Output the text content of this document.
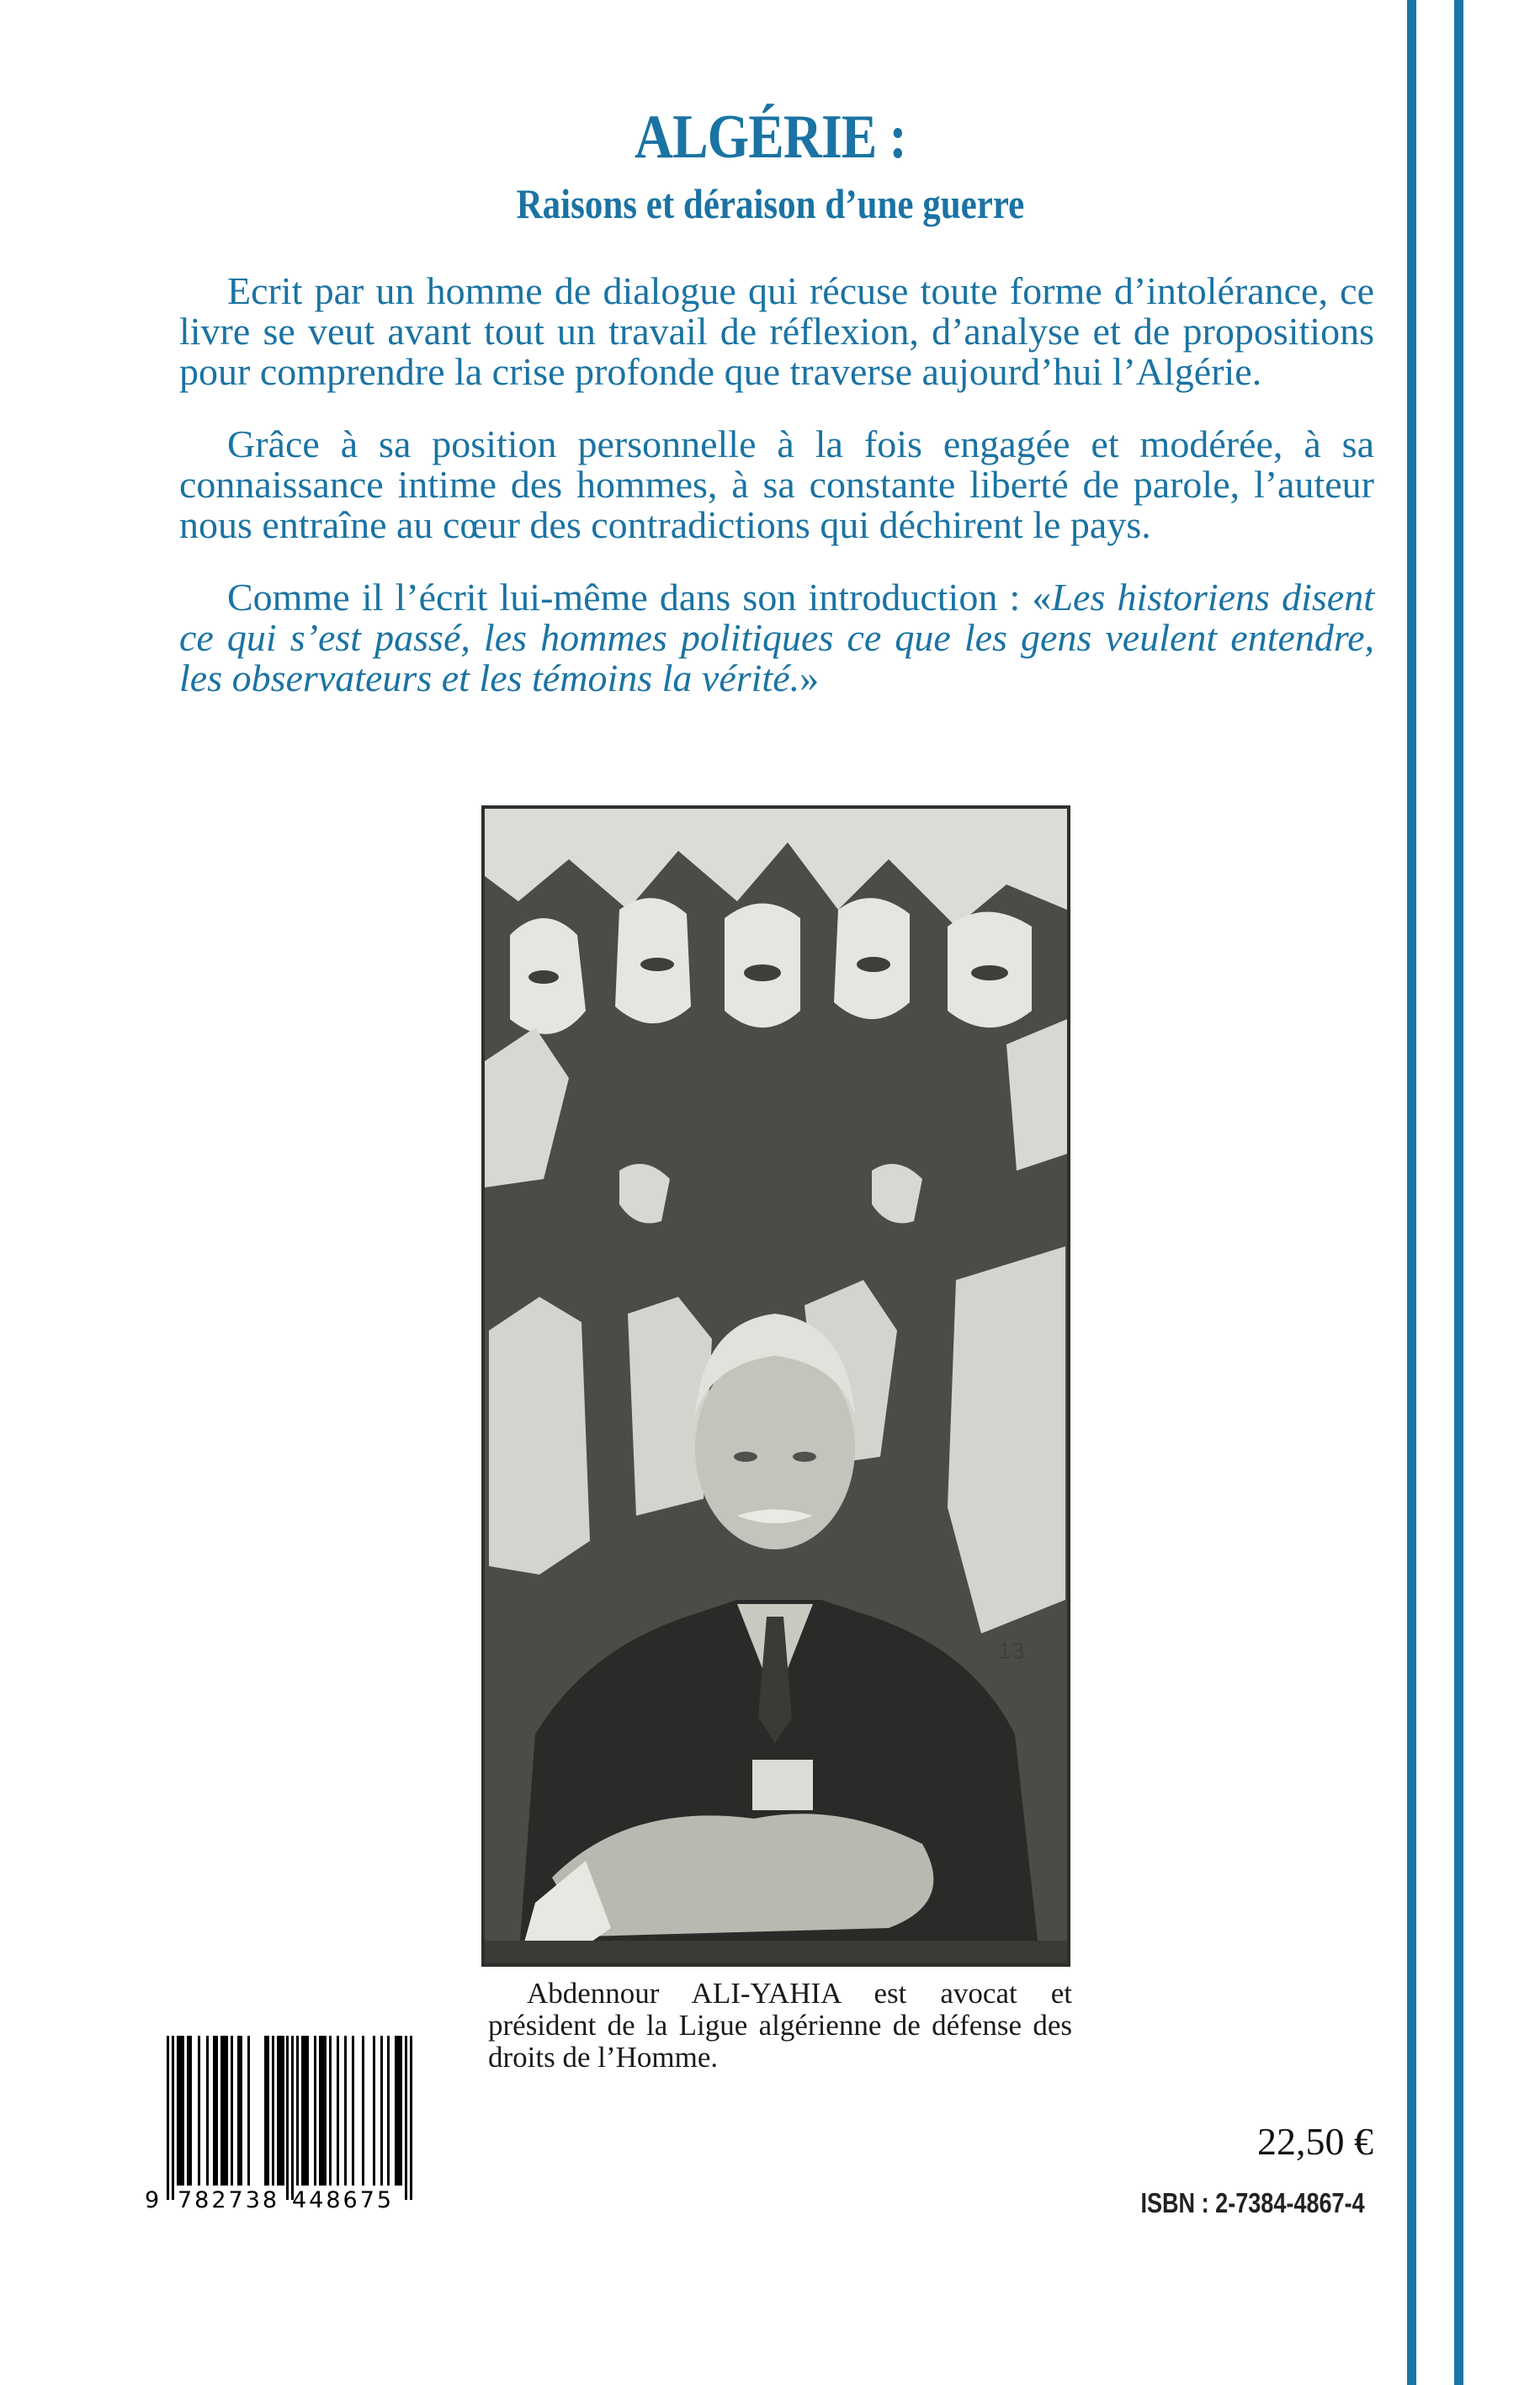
ALGÉRIE :
Raisons et déraison d’une guerre

Ecrit par un homme de dialogue qui récuse toute forme d’intolérance, ce livre se veut avant tout un travail de réflexion, d’analyse et de propositions pour comprendre la crise profonde que traverse aujourd’hui l’Algérie.

Grâce à sa position personnelle à la fois engagée et modérée, à sa connaissance intime des hommes, à sa constante liberté de parole, l’auteur nous entraîne au cœur des contradictions qui déchirent le pays.

Comme il l’écrit lui-même dans son introduction : «Les historiens disent ce qui s’est passé, les hommes politiques ce que les gens veulent entendre, les observateurs et les témoins la vérité.»

13

Abdennour ALI-YAHIA est avocat et président de la Ligue algérienne de défense des droits de l’Homme.

9 782738 448675
22,50 €
ISBN : 2-7384-4867-4
